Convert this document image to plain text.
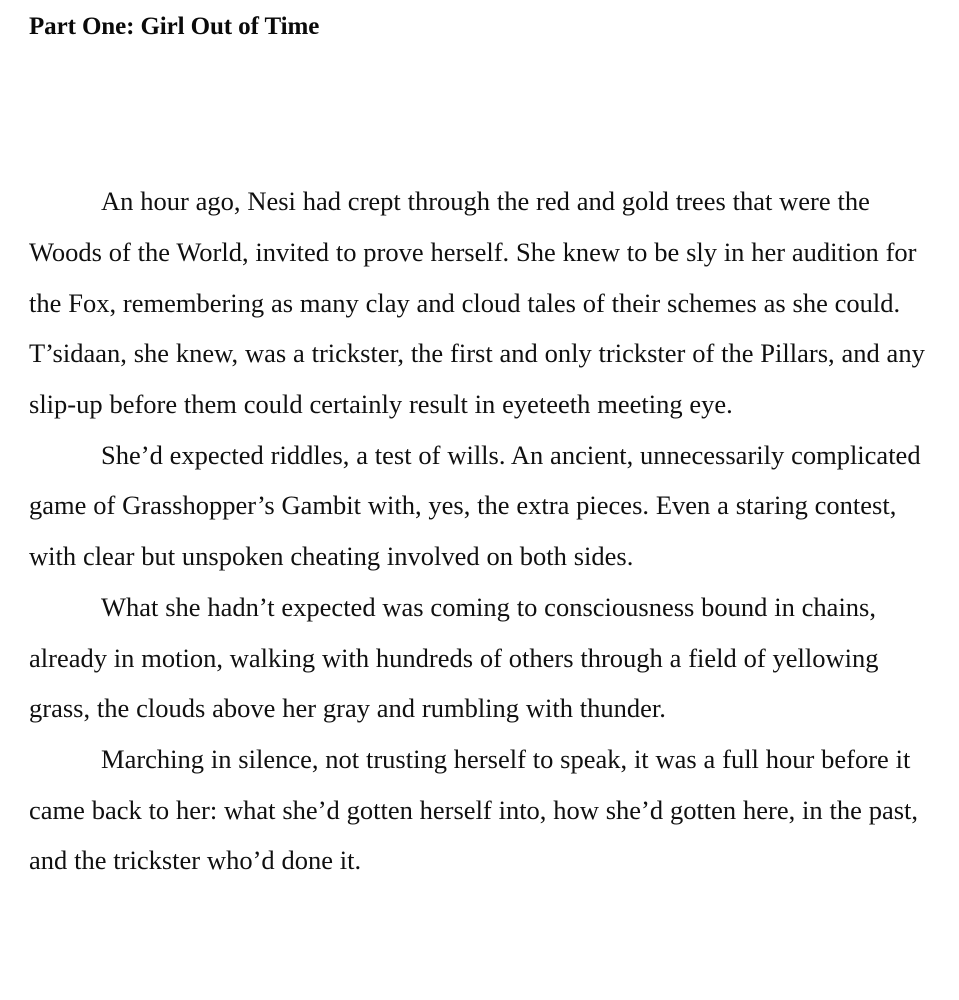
Part One: Girl Out of Time

An hour ago, Nesi had crept through the red and gold trees that were the Woods of the World, invited to prove herself. She knew to be sly in her audition for the Fox, remembering as many clay and cloud tales of their schemes as she could. T’sidaan, she knew, was a trickster, the first and only trickster of the Pillars, and any slip-up before them could certainly result in eyeteeth meeting eye.

She’d expected riddles, a test of wills. An ancient, unnecessarily complicated game of Grasshopper’s Gambit with, yes, the extra pieces. Even a staring contest, with clear but unspoken cheating involved on both sides.

What she hadn’t expected was coming to consciousness bound in chains, already in motion, walking with hundreds of others through a field of yellowing grass, the clouds above her gray and rumbling with thunder.

Marching in silence, not trusting herself to speak, it was a full hour before it came back to her: what she’d gotten herself into, how she’d gotten here, in the past, and the trickster who’d done it.
